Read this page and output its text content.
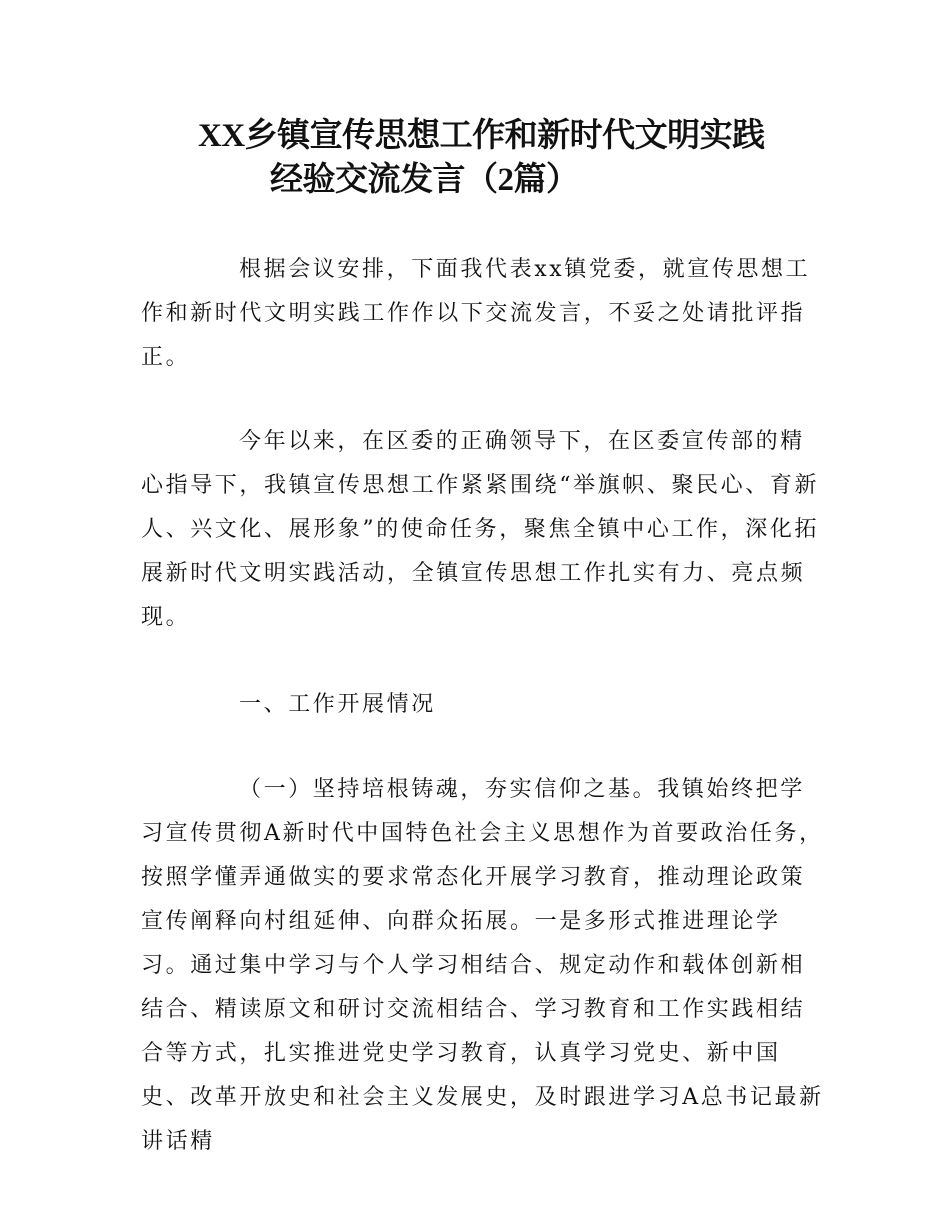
XX乡镇宣传思想工作和新时代文明实践
经验交流发言（2篇）

根据会议安排，下面我代表xx镇党委，就宣传思想工作和新时代文明实践工作作以下交流发言，不妥之处请批评指正。

今年以来，在区委的正确领导下，在区委宣传部的精心指导下，我镇宣传思想工作紧紧围绕“举旗帜、聚民心、育新人、兴文化、展形象”的使命任务，聚焦全镇中心工作，深化拓展新时代文明实践活动，全镇宣传思想工作扎实有力、亮点频现。

一、工作开展情况

（一）坚持培根铸魂，夯实信仰之基。我镇始终把学习宣传贯彻A新时代中国特色社会主义思想作为首要政治任务，按照学懂弄通做实的要求常态化开展学习教育，推动理论政策宣传阐释向村组延伸、向群众拓展。一是多形式推进理论学习。通过集中学习与个人学习相结合、规定动作和载体创新相结合、精读原文和研讨交流相结合、学习教育和工作实践相结合等方式，扎实推进党史学习教育，认真学习党史、新中国史、改革开放史和社会主义发展史，及时跟进学习A总书记最新讲话精
